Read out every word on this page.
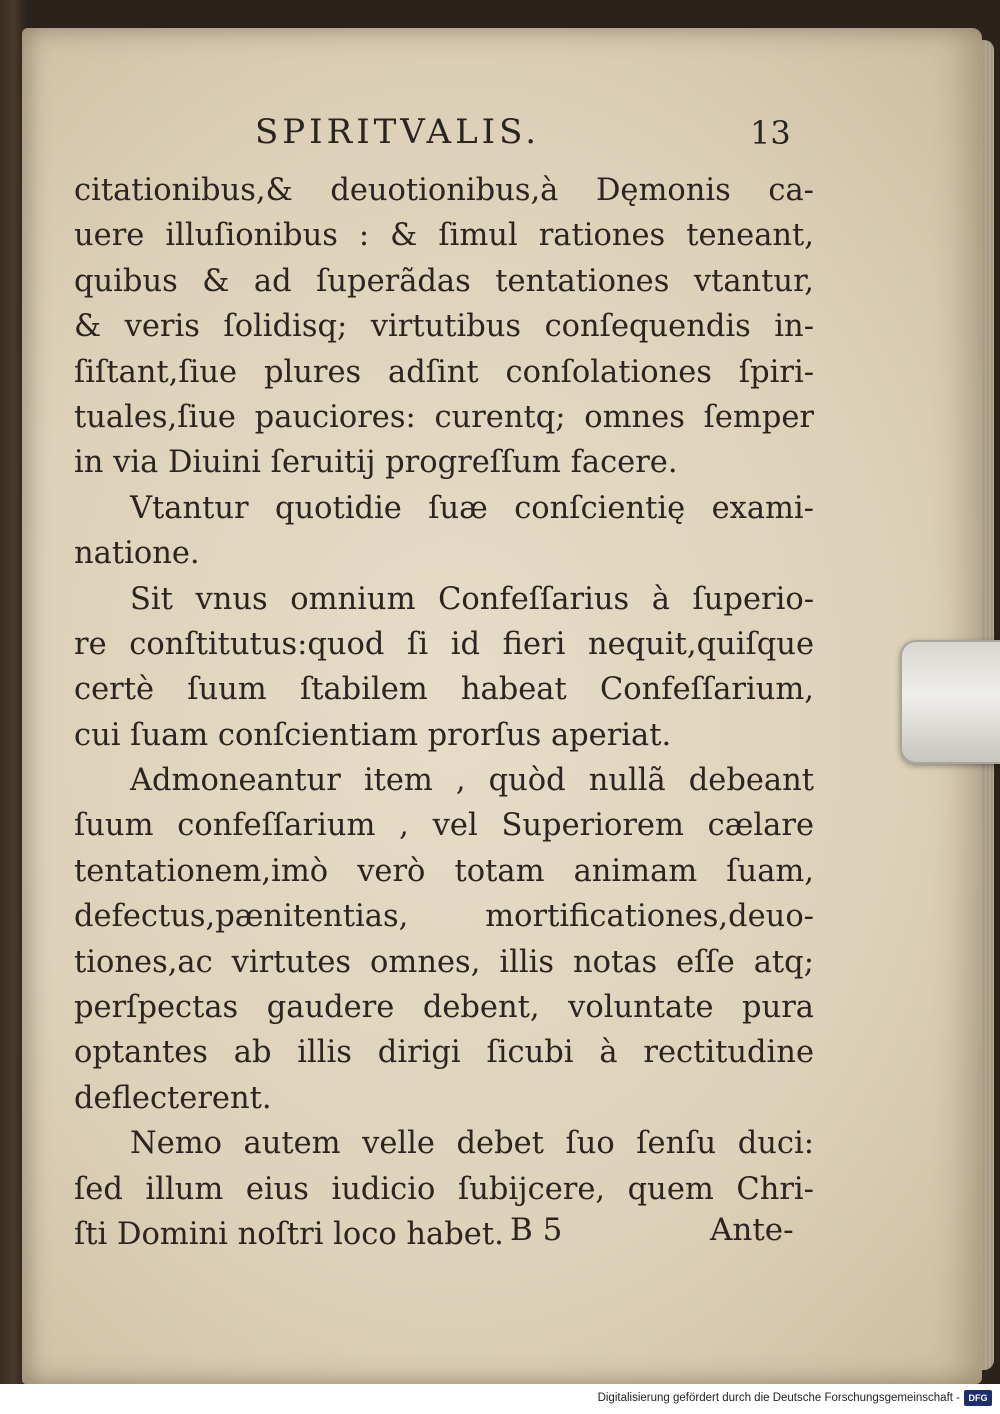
SPIRITVALIS.	13
citationibus,& deuotionibus,à Dęmonis ca-
uere illuſionibus : & ſimul rationes teneant,
quibus & ad ſuperãdas tentationes vtantur,
& veris ſolidisq; virtutibus conſequendis in-
ſiſtant,ſiue plures adſint conſolationes ſpiri-
tuales,ſiue pauciores: curentq; omnes ſemper
in via Diuini ſeruitij progreſſum facere.
Vtantur quotidie ſuæ conſcientię exami-
natione.
Sit vnus omnium Confeſſarius à ſuperio-
re conſtitutus:quod ſi id fieri nequit,quiſque
certè ſuum ſtabilem habeat Confeſſarium,
cui ſuam conſcientiam prorſus aperiat.
Admoneantur item , quòd nullã debeant
ſuum confeſſarium , vel Superiorem cælare
tentationem,imò verò totam animam ſuam,
defectus,pænitentias, mortificationes,deuo-
tiones,ac virtutes omnes, illis notas eſſe atq;
perſpectas gaudere debent, voluntate pura
optantes ab illis dirigi ſicubi à rectitudine
deflecterent.
Nemo autem velle debet ſuo ſenſu duci:
ſed illum eius iudicio ſubijcere, quem Chri-
ſti Domini noſtri loco habet. B 5	Ante-
Digitalisierung gefördert durch die Deutsche Forschungsgemeinschaft - DFG
